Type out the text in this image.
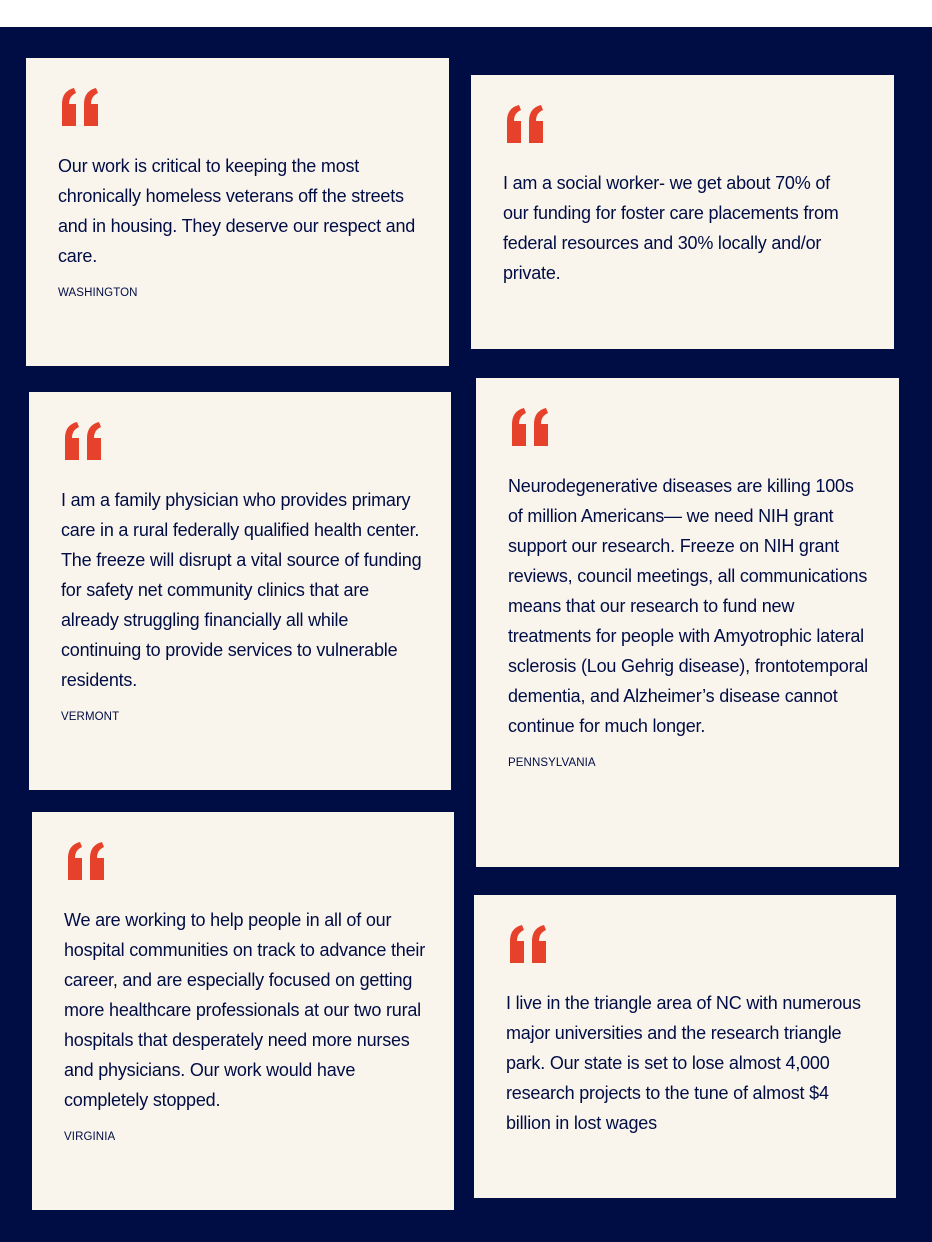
Our work is critical to keeping the most chronically homeless veterans off the streets and in housing. They deserve our respect and care.

WASHINGTON

I am a social worker- we get about 70% of our funding for foster care placements from federal resources and 30% locally and/or private.

I am a family physician who provides primary care in a rural federally qualified health center. The freeze will disrupt a vital source of funding for safety net community clinics that are already struggling financially all while continuing to provide services to vulnerable residents.

VERMONT

Neurodegenerative diseases are killing 100s of million Americans— we need NIH grant support our research. Freeze on NIH grant reviews, council meetings, all communications means that our research to fund new treatments for people with Amyotrophic lateral sclerosis (Lou Gehrig disease), frontotemporal dementia, and Alzheimer’s disease cannot continue for much longer.

PENNSYLVANIA

We are working to help people in all of our hospital communities on track to advance their career, and are especially focused on getting more healthcare professionals at our two rural hospitals that desperately need more nurses and physicians. Our work would have completely stopped.

VIRGINIA

I live in the triangle area of NC with numerous major universities and the research triangle park. Our state is set to lose almost 4,000 research projects to the tune of almost $4 billion in lost wages
